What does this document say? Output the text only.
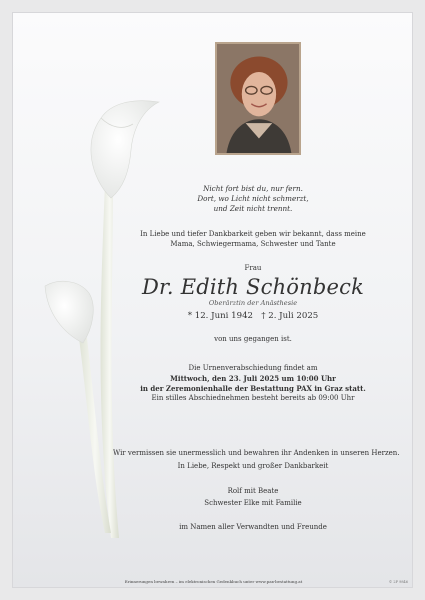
Nicht fort bist du, nur fern.
Dort, wo Licht nicht schmerzt,
und Zeit nicht trennt.
In Liebe und tiefer Dankbarkeit geben wir bekannt, dass meine
Mama, Schwiegermama, Schwester und Tante
Frau
Dr. Edith Schönbeck
Oberärztin der Anästhesie
* 12. Juni 1942 † 2. Juli 2025
von uns gegangen ist.
Die Urnenverabschiedung findet am
Mittwoch, den 23. Juli 2025 um 10:00 Uhr
in der Zeremonienhalle der Bestattung PAX in Graz statt.
Ein stilles Abschiednehmen besteht bereits ab 09:00 Uhr
Wir vermissen sie unermesslich und bewahren ihr Andenken in unseren Herzen.
In Liebe, Respekt und großer Dankbarkeit
Rolf mit Beate
Schwester Elke mit Familie
im Namen aller Verwandten und Freunde
Erinnerungen bewahren – im elektronischen Gedenkbuch unter www.pax-bestattung.at	© 2P 9846
